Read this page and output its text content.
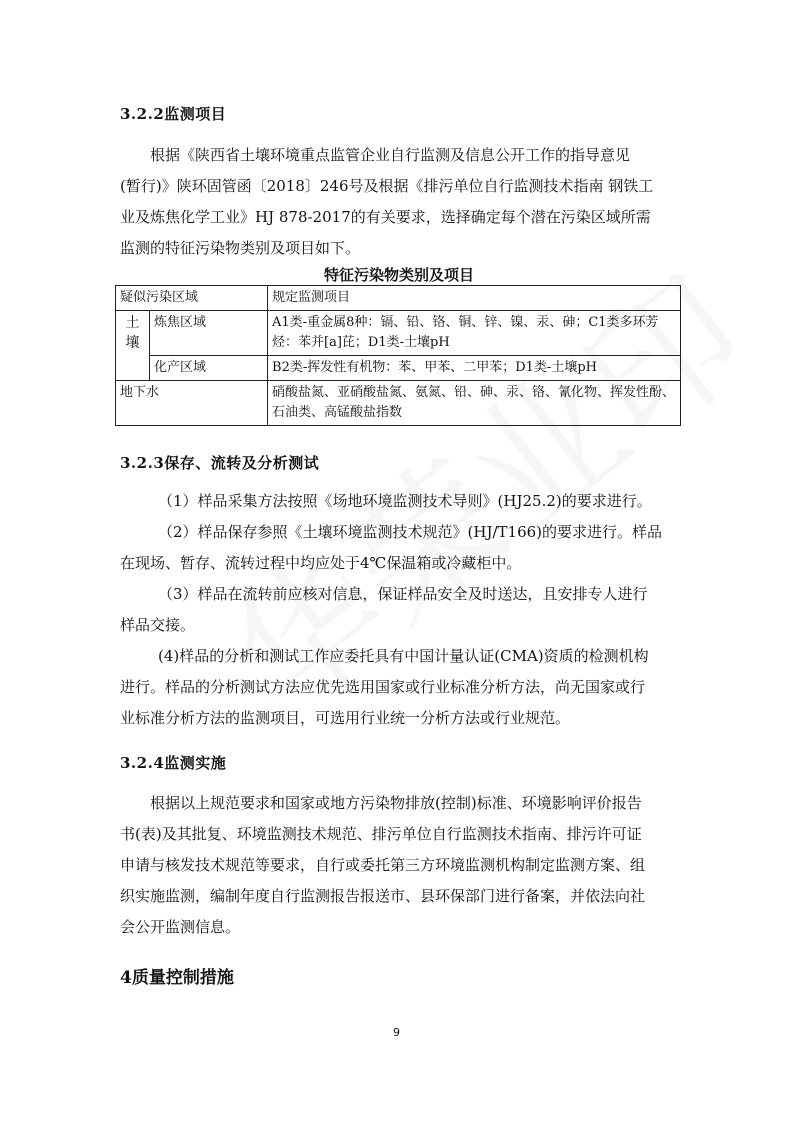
3.2.2监测项目
根据《陕西省土壤环境重点监管企业自行监测及信息公开工作的指导意见
(暂行)》陕环固管函〔2018〕246号及根据《排污单位自行监测技术指南 钢铁工
业及炼焦化学工业》HJ 878-2017的有关要求，选择确定每个潜在污染区域所需
监测的特征污染物类别及项目如下。
特征污染物类别及项目
疑似污染区域		规定监测项目
土壤	炼焦区域	A1类-重金属8种：镉、铅、铬、铜、锌、镍、汞、砷；C1类多环芳烃：苯并[a]芘；D1类-土壤pH
	化产区域	B2类-挥发性有机物：苯、甲苯、二甲苯；D1类-土壤pH
地下水		硝酸盐氮、亚硝酸盐氮、氨氮、铅、砷、汞、铬、氰化物、挥发性酚、石油类、高锰酸盐指数
3.2.3保存、流转及分析测试
（1）样品采集方法按照《场地环境监测技术导则》(HJ25.2)的要求进行。
（2）样品保存参照《土壤环境监测技术规范》(HJ/T166)的要求进行。样品
在现场、暂存、流转过程中均应处于4℃保温箱或冷藏柜中。
（3）样品在流转前应核对信息，保证样品安全及时送达，且安排专人进行
样品交接。
(4)样品的分析和测试工作应委托具有中国计量认证(CMA)资质的检测机构
进行。样品的分析测试方法应优先选用国家或行业标准分析方法，尚无国家或行
业标准分析方法的监测项目，可选用行业统一分析方法或行业规范。
3.2.4监测实施
根据以上规范要求和国家或地方污染物排放(控制)标准、环境影响评价报告
书(表)及其批复、环境监测技术规范、排污单位自行监测技术指南、排污许可证
申请与核发技术规范等要求，自行或委托第三方环境监测机构制定监测方案、组
织实施监测，编制年度自行监测报告报送市、县环保部门进行备案，并依法向社
会公开监测信息。
4质量控制措施
9
